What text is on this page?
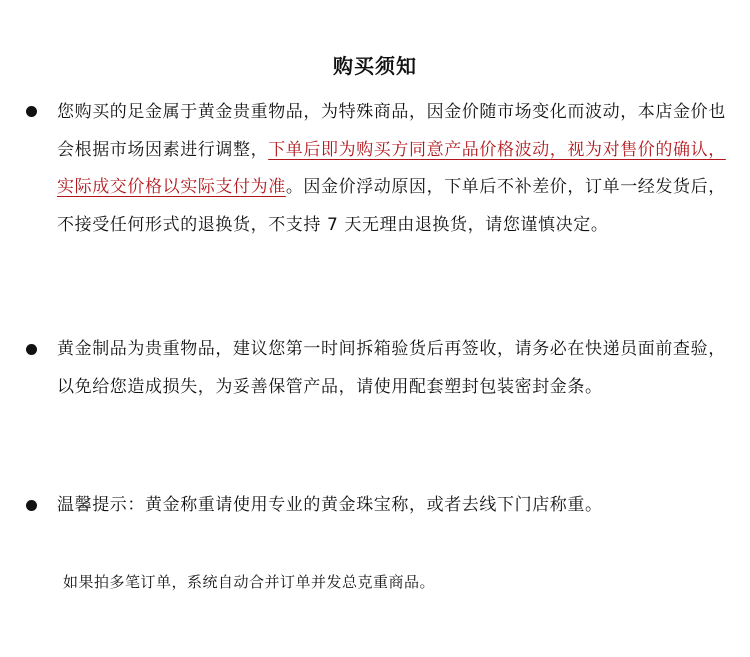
购买须知
您购买的足金属于黄金贵重物品，为特殊商品，因金价随市场变化而波动，本店金价也会根据市场因素进行调整，下单后即为购买方同意产品价格波动，视为对售价的确认，实际成交价格以实际支付为准。因金价浮动原因，下单后不补差价，订单一经发货后，不接受任何形式的退换货，不支持 7 天无理由退换货，请您谨慎决定。
黄金制品为贵重物品，建议您第一时间拆箱验货后再签收，请务必在快递员面前查验，以免给您造成损失，为妥善保管产品，请使用配套塑封包装密封金条。
温馨提示：黄金称重请使用专业的黄金珠宝称，或者去线下门店称重。
如果拍多笔订单，系统自动合并订单并发总克重商品。
